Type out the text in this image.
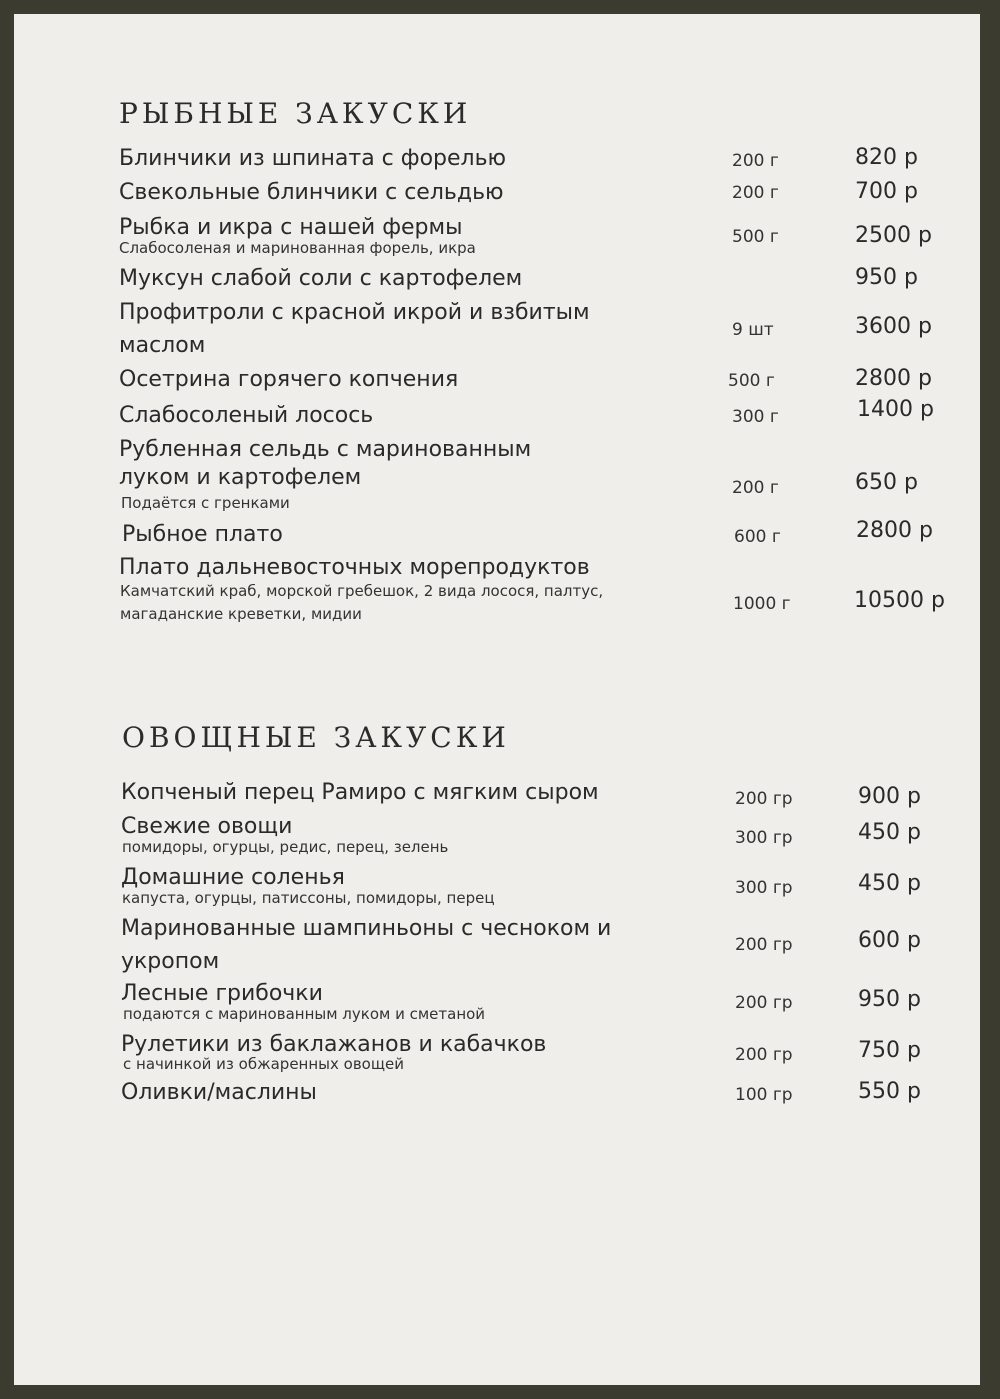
РЫБНЫЕ ЗАКУСКИ
Блинчики из шпината с форелью	200 г	820 р
Свекольные блинчики с сельдью	200 г	700 р
Рыбка и икра с нашей фермы
Слабосоленая и маринованная форель, икра
500 г	2500 р
Муксун слабой соли с картофелем	950 р
Профитроли с красной икрой и взбитым маслом
9 шт	3600 р
Осетрина горячего копчения	500 г	2800 р
Слабосоленый лосось	300 г	1400 р
Рубленная сельдь с маринованным луком и картофелем
Подаётся с гренками
200 г	650 р
Рыбное плато	600 г	2800 р
Плато дальневосточных морепродуктов
Камчатский краб, морской гребешок, 2 вида лосося, палтус, магаданские креветки, мидии	1000 г	10500 р
ОВОЩНЫЕ ЗАКУСКИ
Копченый перец Рамиро с мягким сыром	200 гр	900 р
Свежие овощи
помидоры, огурцы, редис, перец, зелень	300 гр	450 р
Домашние соленья
капуста, огурцы, патиссоны, помидоры, перец	300 гр	450 р
Маринованные шампиньоны с чесноком и укропом
200 гр	600 р
Лесные грибочки
подаются с маринованным луком и сметаной
200 гр	950 р
Рулетики из баклажанов и кабачков
с начинкой из обжаренных овощей	200 гр	750 р
Оливки/маслины	100 гр	550 р
